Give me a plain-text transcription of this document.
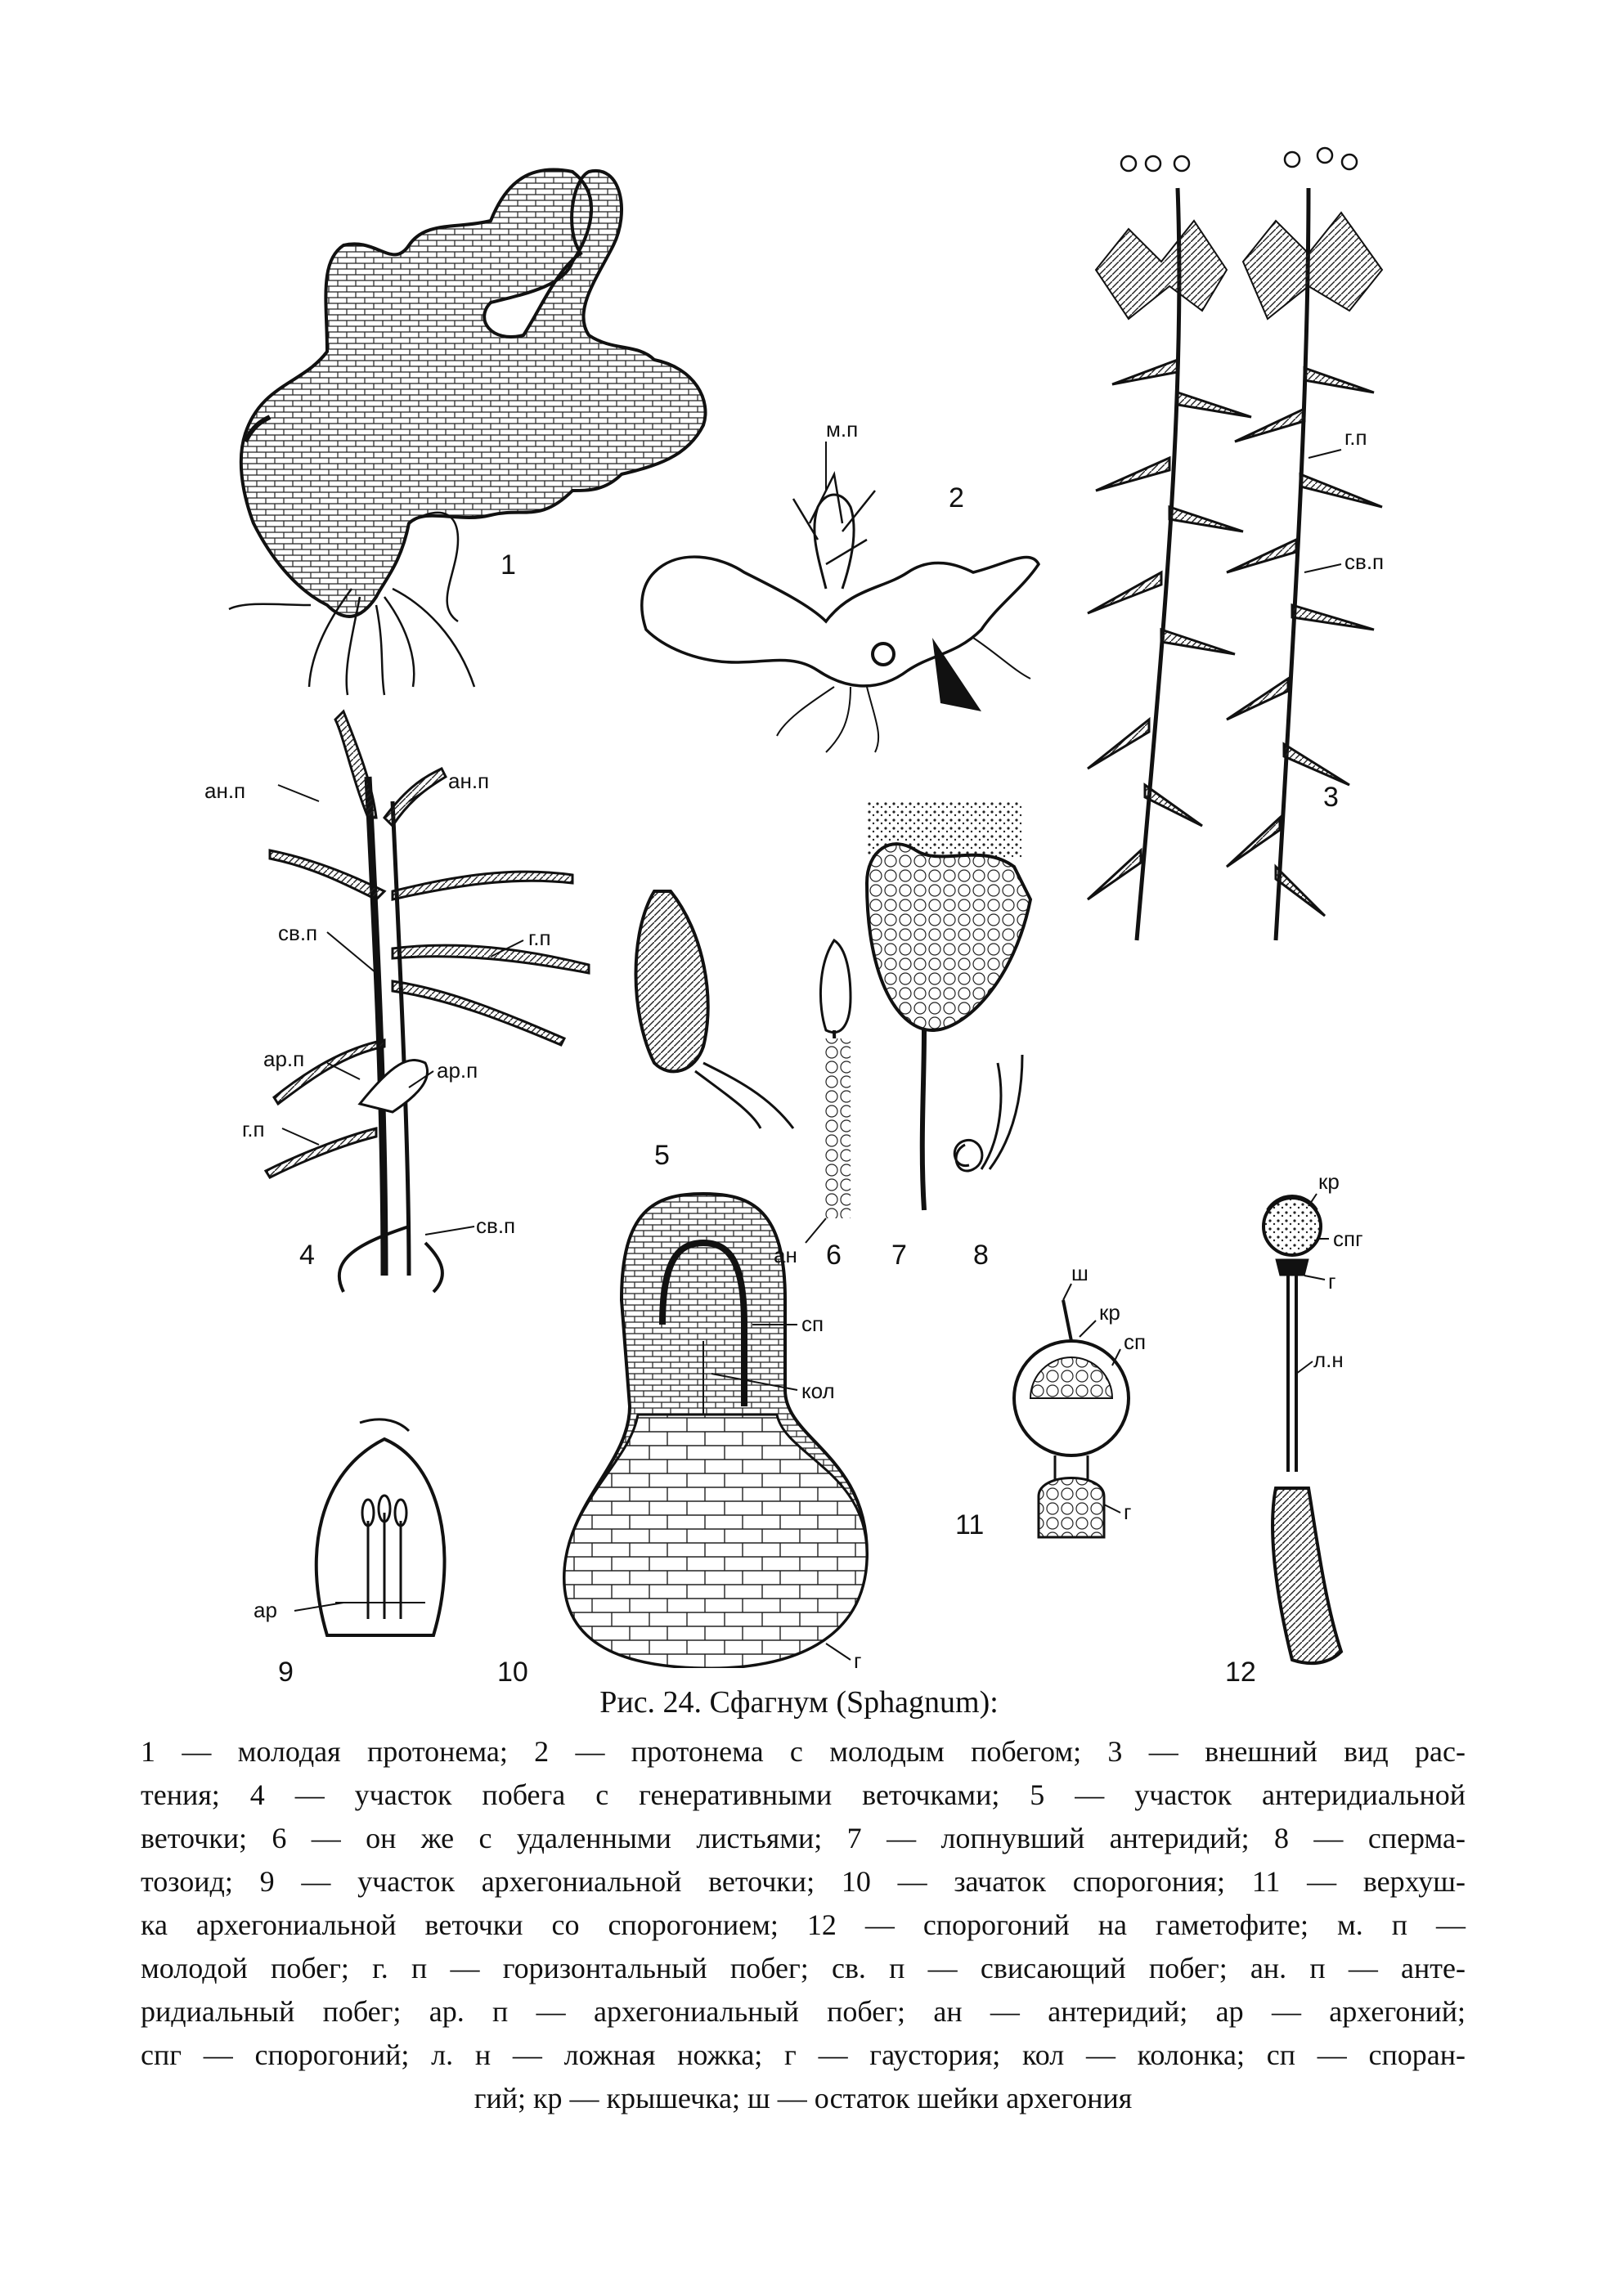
1
2
3
4
5
6 7 8
9	10
11
12
м.п	г.п
св.п
ан.п	ан.п
св.п	г.п
ар.п	ар.п
г.п
св.п
ан
сп
кол
г
ар
ш
кр
сп
г
кр
спг
г
л.н
Рис. 24. Сфагнум (Sphagnum):
1 — молодая протонема; 2 — протонема с молодым побегом; 3 — внешний вид рас-
тения; 4 — участок побега с генеративными веточками; 5 — участок антеридиальной
веточки; 6 — он же с удаленными листьями; 7 — лопнувший антеридий; 8 — сперма-
тозоид; 9 — участок архегониальной веточки; 10 — зачаток спорогония; 11 — верхуш-
ка архегониальной веточки со спорогонием; 12 — спорогоний на гаметофите; м. п —
молодой побег; г. п — горизонтальный побег; св. п — свисающий побег; ан. п — анте-
ридиальный побег; ар. п — архегониальный побег; ан — антеридий; ар — архегоний;
спг — спорогоний; л. н — ложная ножка; г — гаустория; кол — колонка; сп — споран-
гий; кр — крышечка; ш — остаток шейки архегония
